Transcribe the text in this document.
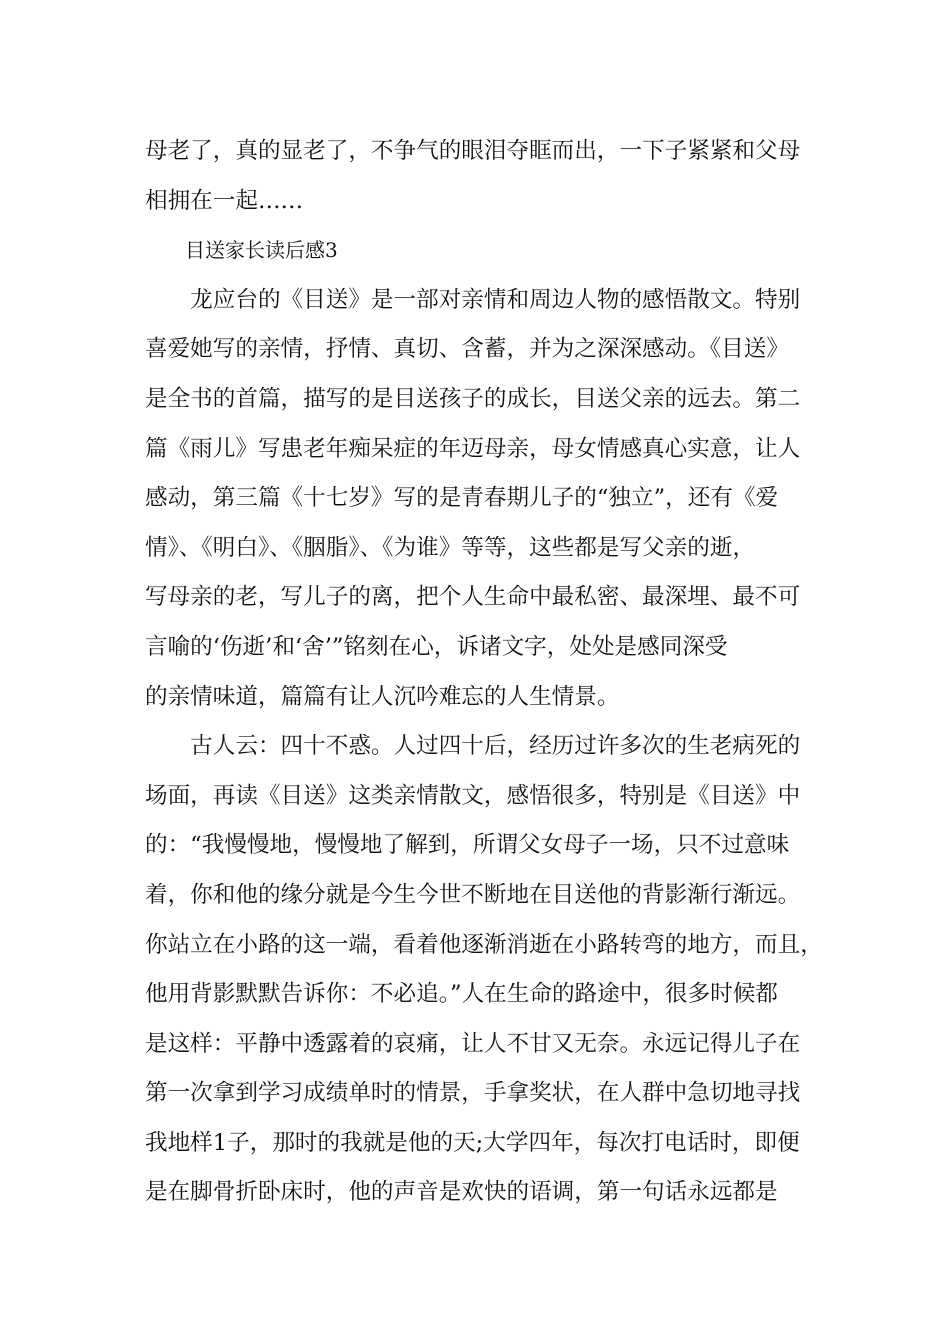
母老了，真的显老了，不争气的眼泪夺眶而出，一下子紧紧和父母
相拥在一起……

　　目送家长读后感3

　　龙应台的《目送》是一部对亲情和周边人物的感悟散文。特别
喜爱她写的亲情，抒情、真切、含蓄，并为之深深感动。《目送》
是全书的首篇，描写的是目送孩子的成长，目送父亲的远去。第二
篇《雨儿》写患老年痴呆症的年迈母亲，母女情感真心实意，让人
感动，第三篇《十七岁》写的是青春期儿子的“独立”，还有《爱
情》、《明白》、《胭脂》、《为谁》等等，这些都是写父亲的逝，
写母亲的老，写儿子的离，把个人生命中最私密、最深埋、最不可
言喻的‘伤逝’和‘舍’”铭刻在心，诉诸文字，处处是感同深受
的亲情味道，篇篇有让人沉吟难忘的人生情景。

　　古人云：四十不惑。人过四十后，经历过许多次的生老病死的
场面，再读《目送》这类亲情散文，感悟很多，特别是《目送》中
的：“我慢慢地，慢慢地了解到，所谓父女母子一场，只不过意味
着，你和他的缘分就是今生今世不断地在目送他的背影渐行渐远。
你站立在小路的这一端，看着他逐渐消逝在小路转弯的地方，而且，
他用背影默默告诉你：不必追。”人在生命的路途中，很多时候都
是这样：平静中透露着的哀痛，让人不甘又无奈。永远记得儿子在
第一次拿到学习成绩单时的情景，手拿奖状，在人群中急切地寻找
我地样1子，那时的我就是他的天;大学四年，每次打电话时，即便
是在脚骨折卧床时，他的声音是欢快的语调，第一句话永远都是
